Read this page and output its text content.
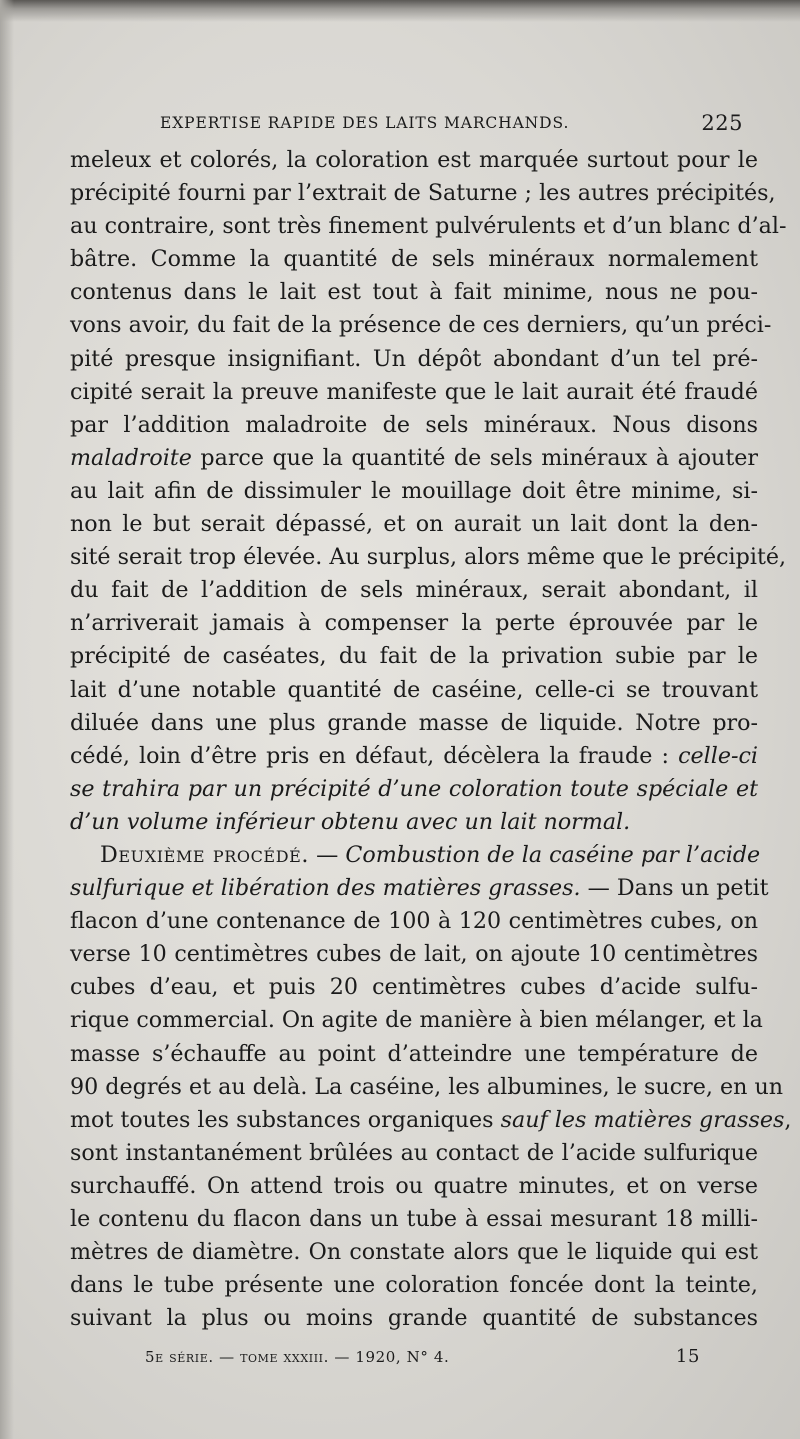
EXPERTISE RAPIDE DES LAITS MARCHANDS.	225
meleux et colorés, la coloration est marquée surtout pour le
précipité fourni par l’extrait de Saturne ; les autres précipités,
au contraire, sont très finement pulvérulents et d’un blanc d’al-
bâtre. Comme la quantité de sels minéraux normalement
contenus dans le lait est tout à fait minime, nous ne pou-
vons avoir, du fait de la présence de ces derniers, qu’un préci-
pité presque insignifiant. Un dépôt abondant d’un tel pré-
cipité serait la preuve manifeste que le lait aurait été fraudé
par l’addition maladroite de sels minéraux. Nous disons
maladroite parce que la quantité de sels minéraux à ajouter
au lait afin de dissimuler le mouillage doit être minime, si-
non le but serait dépassé, et on aurait un lait dont la den-
sité serait trop élevée. Au surplus, alors même que le précipité,
du fait de l’addition de sels minéraux, serait abondant, il
n’arriverait jamais à compenser la perte éprouvée par le
précipité de caséates, du fait de la privation subie par le
lait d’une notable quantité de caséine, celle-ci se trouvant
diluée dans une plus grande masse de liquide. Notre pro-
cédé, loin d’être pris en défaut, décèlera la fraude : celle-ci
se trahira par un précipité d’une coloration toute spéciale et
d’un volume inférieur obtenu avec un lait normal.
Deuxième procédé. — Combustion de la caséine par l’acide
sulfurique et libération des matières grasses. — Dans un petit
flacon d’une contenance de 100 à 120 centimètres cubes, on
verse 10 centimètres cubes de lait, on ajoute 10 centimètres
cubes d’eau, et puis 20 centimètres cubes d’acide sulfu-
rique commercial. On agite de manière à bien mélanger, et la
masse s’échauffe au point d’atteindre une température de
90 degrés et au delà. La caséine, les albumines, le sucre, en un
mot toutes les substances organiques sauf les matières grasses,
sont instantanément brûlées au contact de l’acide sulfurique
surchauffé. On attend trois ou quatre minutes, et on verse
le contenu du flacon dans un tube à essai mesurant 18 milli-
mètres de diamètre. On constate alors que le liquide qui est
dans le tube présente une coloration foncée dont la teinte,
suivant la plus ou moins grande quantité de substances
5e série. — tome xxxiii. — 1920, N° 4.	15
